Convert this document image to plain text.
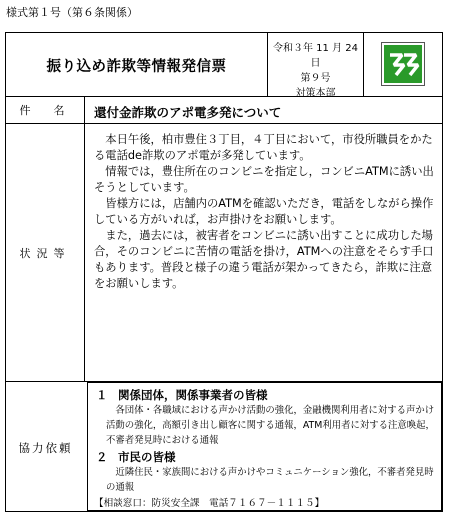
様式第１号（第６条関係）
振り込め詐欺等情報発信票
令和３年 11 月 24 日
第９号
対策本部
件　名	還付金詐欺のアポ電多発について
状況等

本日午後，柏市豊住３丁目，４丁目において，市役所職員をかたる電話de詐欺のアポ電が多発しています。

情報では，豊住所在のコンビニを指定し，コンビニATMに誘い出そうとしています。

皆様方には，店舗内のATMを確認いただき，電話をしながら操作している方がいれば，お声掛けをお願いします。

また，過去には，被害者をコンビニに誘い出すことに成功した場合，そのコンビニに苦情の電話を掛け，ATMへの注意をそらす手口もあります。普段と様子の違う電話が架かってきたら，詐欺に注意をお願いします。

協力依頼
１ 関係団体，関係事業者の皆様

各団体・各職域における声かけ活動の強化，金融機関利用者に対する声かけ活動の強化，高額引き出し顧客に関する通報，ATM利用者に対する注意喚起，不審者発見時における通報

２ 市民の皆様

近隣住民・家族間における声かけやコミュニケーション強化，不審者発見時の通報

【相談窓口：防災安全課　電話７１６７－１１１５】
